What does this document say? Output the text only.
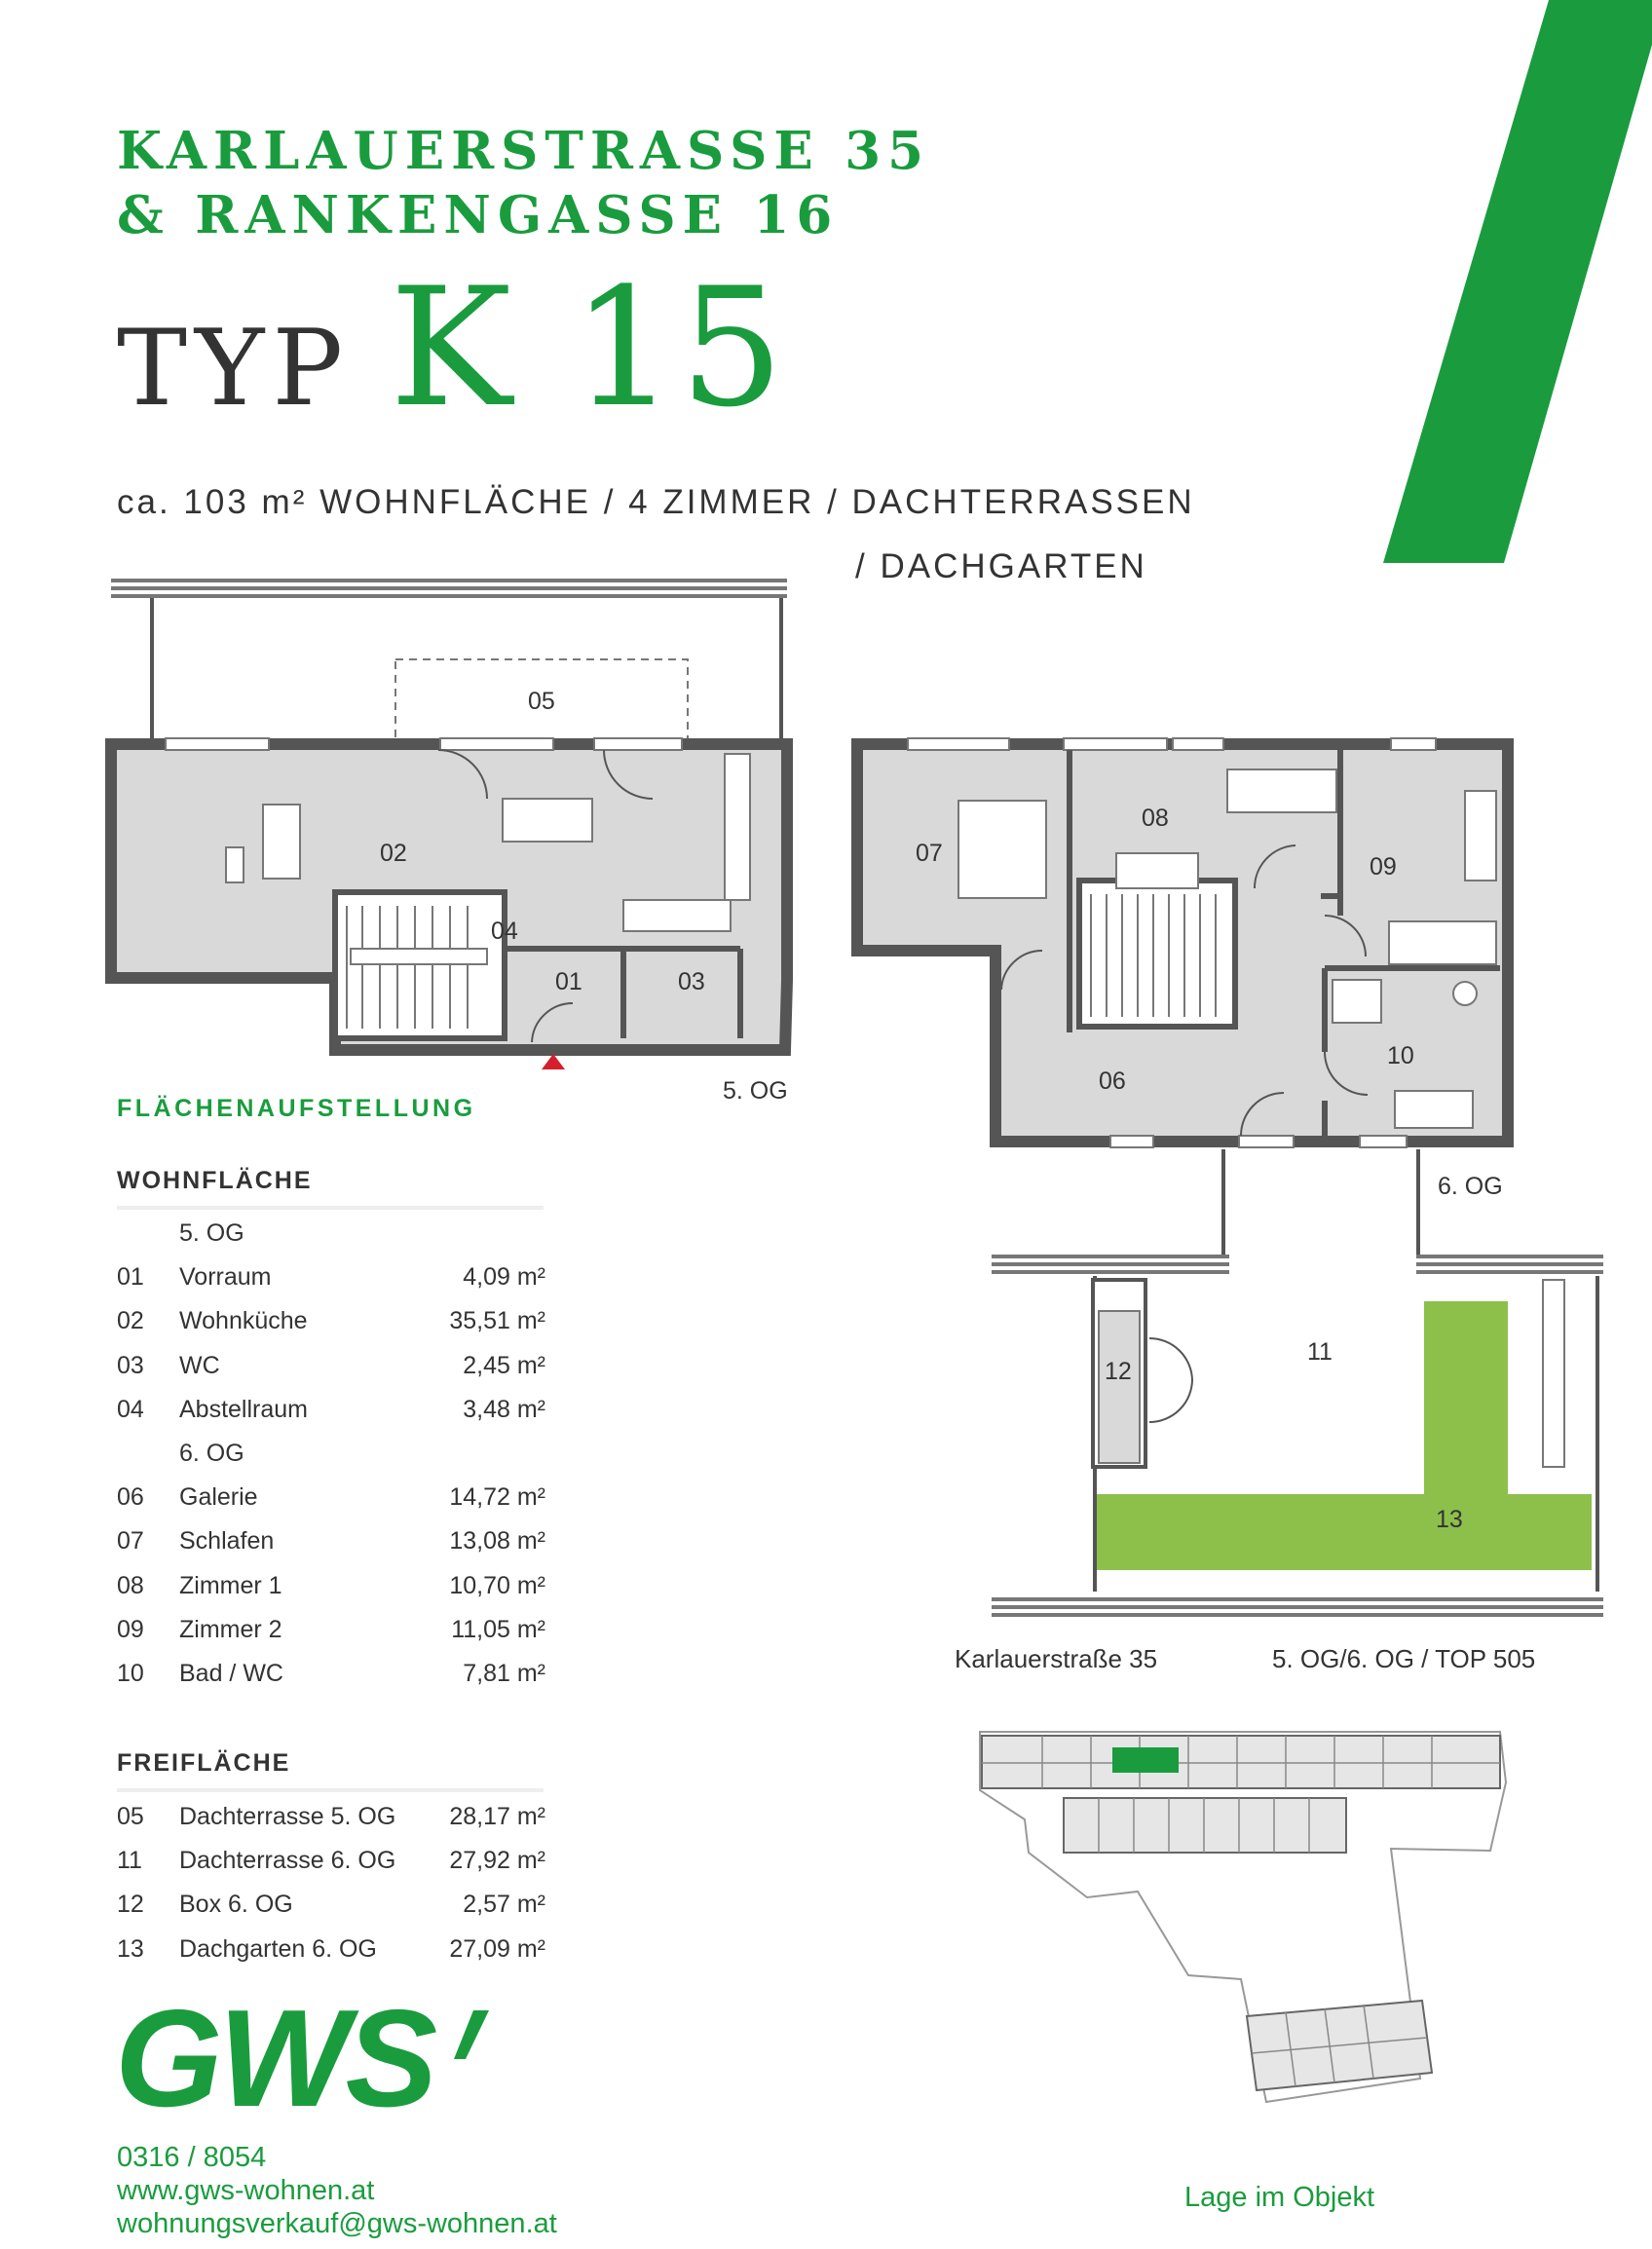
KARLAUERSTRASSE 35
& RANKENGASSE 16
TYP K 15
ca. 103 m² WOHNFLÄCHE / 4 ZIMMER / DACHTERRASSEN
/ DACHGARTEN
05
02
04
01	03
5. OG
07
08
09
06
10
6. OG
11
12
13
Karlauerstraße 35	5. OG/6. OG / TOP 505
FLÄCHENAUFSTELLUNG
WOHNFLÄCHE
5. OG
01 Vorraum	4,09 m²
02 Wohnküche	35,51 m²
03 WC	2,45 m²
04 Abstellraum	3,48 m²
6. OG
06 Galerie	14,72 m²
07 Schlafen	13,08 m²
08 Zimmer 1	10,70 m²
09 Zimmer 2	11,05 m²
10 Bad / WC	7,81 m²
FREIFLÄCHE
05 Dachterrasse 5. OG 28,17 m²
11 Dachterrasse 6. OG 27,92 m²
12 Box 6. OG	2,57 m²
13 Dachgarten 6. OG	27,09 m²
GWS
0316 / 8054
www.gws-wohnen.at
wohnungsverkauf@gws-wohnen.at
Lage im Objekt
